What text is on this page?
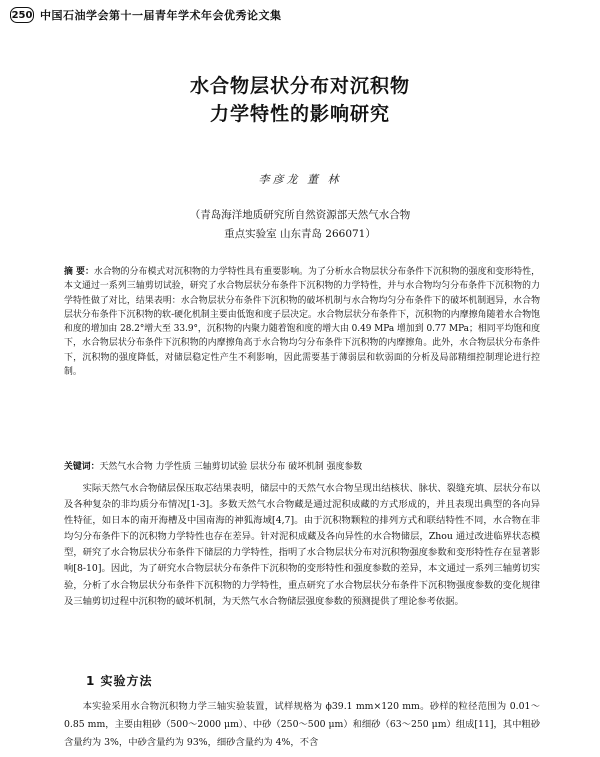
250 中国石油学会第十一届青年学术年会优秀论文集
水合物层状分布对沉积物
力学特性的影响研究
李彦龙 董 林
（青岛海洋地质研究所自然资源部天然气水合物
重点实验室 山东青岛 266071）
摘 要：水合物的分布模式对沉积物的力学特性具有重要影响。为了分析水合物层状分布条件下沉积物的强度和变形特性，本文通过一系列三轴剪切试验，研究了水合物层状分布条件下沉积物的力学特性，并与水合物均匀分布条件下沉积物的力学特性做了对比，结果表明：水合物层状分布条件下沉积物的破坏机制与水合物均匀分布条件下的破坏机制迥异，水合物层状分布条件下沉积物的软-硬化机制主要由低饱和度子层决定。水合物层状分布条件下，沉积物的内摩擦角随着水合物饱和度的增加由 28.2°增大至 33.9°，沉积物的内聚力随着饱和度的增大由 0.49 MPa 增加到 0.77 MPa；相同平均饱和度下，水合物层状分布条件下沉积物的内摩擦角高于水合物均匀分布条件下沉积物的内摩擦角。此外，水合物层状分布条件下，沉积物的强度降低，对储层稳定性产生不利影响，因此需要基于薄弱层和软弱面的分析及局部精细控制理论进行控制。
关键词：天然气水合物 力学性质 三轴剪切试验 层状分布 破坏机制 强度参数
实际天然气水合物储层保压取芯结果表明，储层中的天然气水合物呈现出结核状、脉状、裂缝充填、层状分布以及各种复杂的非均质分布情况[1-3]。多数天然气水合物藏是通过泥积成藏的方式形成的，并且表现出典型的各向异性特征，如日本的南开海槽及中国南海的神狐海域[4,7]。由于沉积物颗粒的排列方式和联结特性不同，水合物在非均匀分布条件下的沉积物力学特性也存在差异。针对泥积成藏及各向异性的水合物储层，Zhou 通过改进临界状态模型，研究了水合物层状分布条件下储层的力学特性，指明了水合物层状分布对沉积物强度参数和变形特性存在显著影响[8-10]。因此，为了研究水合物层状分布条件下沉积物的变形特性和强度参数的差异，本文通过一系列三轴剪切实验，分析了水合物层状分布条件下沉积物的力学特性，重点研究了水合物层状分布条件下沉积物强度参数的变化规律及三轴剪切过程中沉积物的破坏机制，为天然气水合物储层强度参数的预测提供了理论参考依据。
1 实验方法
本实验采用水合物沉积物力学三轴实验装置，试样规格为 ϕ39.1 mm×120 mm。砂样的粒径范围为 0.01～0.85 mm，主要由粗砂（500～2000 μm）、中砂（250～500 μm）和细砂（63～250 μm）组成[11]，其中粗砂含量约为 3%，中砂含量约为 93%，细砂含量约为 4%，不含
